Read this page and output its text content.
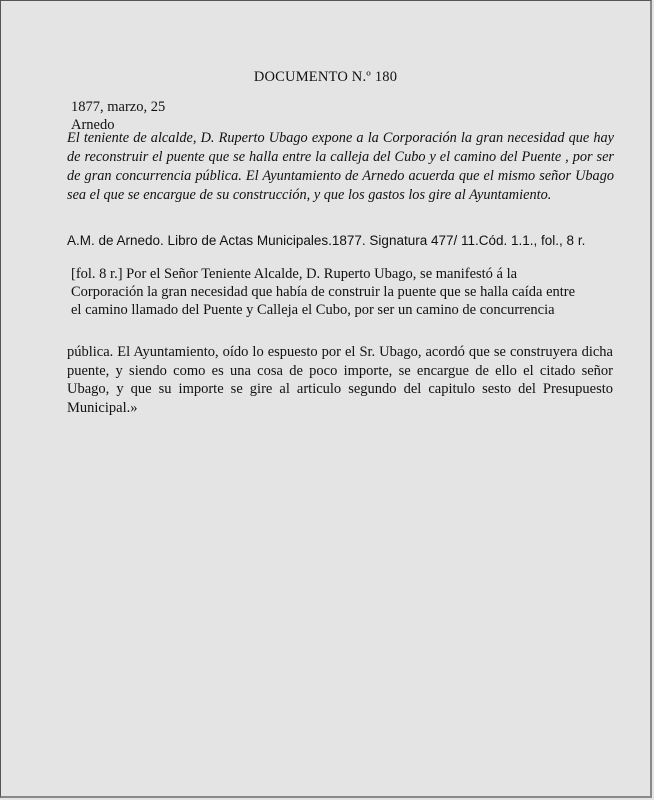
DOCUMENTO N.º 180
1877, marzo, 25
Arnedo
El teniente de alcalde, D. Ruperto Ubago expone a la Corporación la gran necesidad que hay de reconstruir el puente que se halla entre la calleja del Cubo y el camino del Puente , por ser de gran concurrencia pública. El Ayuntamiento de Arnedo acuerda que el mismo señor Ubago sea el que se encargue de su construcción, y que los gastos los gire al Ayuntamiento.
A.M. de Arnedo. Libro de Actas Municipales.1877. Signatura 477/ 11.Cód. 1.1., fol., 8 r.
[fol. 8 r.] Por el Señor Teniente Alcalde, D. Ruperto Ubago, se manifestó á la
Corporación la gran necesidad que había de construir la puente que se halla caída entre
el camino llamado del Puente y Calleja el Cubo, por ser un camino de concurrencia
pública. El Ayuntamiento, oído lo espuesto por el Sr. Ubago, acordó que se construyera dicha puente, y siendo como es una cosa de poco importe, se encargue de ello el citado señor Ubago, y que su importe se gire al articulo segundo del capitulo sesto del Presupuesto Municipal.»
